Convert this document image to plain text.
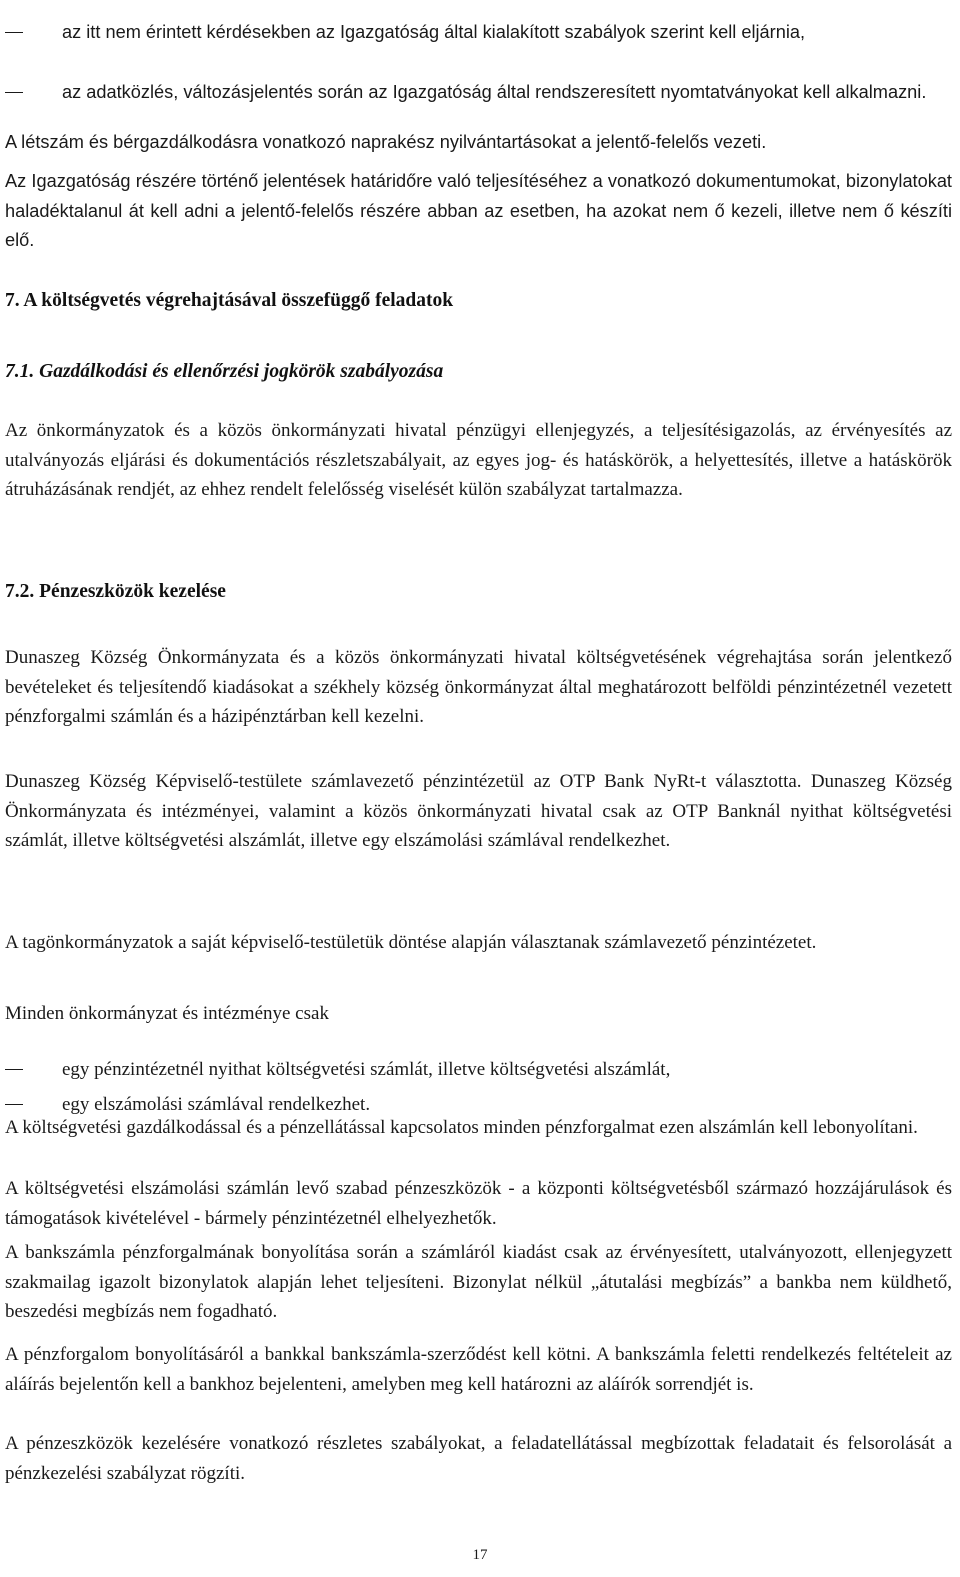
az itt nem érintett kérdésekben az Igazgatóság által kialakított szabályok szerint kell eljárnia,

az adatközlés, változásjelentés során az Igazgatóság által rendszeresített nyomtatványokat kell alkalmazni.

A létszám és bérgazdálkodásra vonatkozó naprakész nyilvántartásokat a jelentő-felelős vezeti.

Az Igazgatóság részére történő jelentések határidőre való teljesítéséhez a vonatkozó dokumentumokat, bizonylatokat haladéktalanul át kell adni a jelentő-felelős részére abban az esetben, ha azokat nem ő kezeli, illetve nem ő készíti elő.

7. A költségvetés végrehajtásával összefüggő feladatok
7.1. Gazdálkodási és ellenőrzési jogkörök szabályozása

Az önkormányzatok és a közös önkormányzati hivatal pénzügyi ellenjegyzés, a teljesítésigazolás, az érvényesítés az utalványozás eljárási és dokumentációs részletszabályait, az egyes jog- és hatáskörök, a helyettesítés, illetve a hatáskörök átruházásának rendjét, az ehhez rendelt felelősség viselését külön szabályzat tartalmazza.

7.2. Pénzeszközök kezelése

Dunaszeg Község Önkormányzata és a közös önkormányzati hivatal költségvetésének végrehajtása során jelentkező bevételeket és teljesítendő kiadásokat a székhely község önkormányzat által meghatározott belföldi pénzintézetnél vezetett pénzforgalmi számlán és a házipénztárban kell kezelni.

Dunaszeg Község Képviselő-testülete számlavezető pénzintézetül az OTP Bank NyRt-t választotta. Dunaszeg Község Önkormányzata és intézményei, valamint a közös önkormányzati hivatal csak az OTP Banknál nyithat költségvetési számlát, illetve költségvetési alszámlát, illetve egy elszámolási számlával rendelkezhet.

A tagönkormányzatok a saját képviselő-testületük döntése alapján választanak számlavezető pénzintézetet.

Minden önkormányzat és intézménye csak

egy pénzintézetnél nyithat költségvetési számlát, illetve költségvetési alszámlát,

egy elszámolási számlával rendelkezhet.

A költségvetési gazdálkodással és a pénzellátással kapcsolatos minden pénzforgalmat ezen alszámlán kell lebonyolítani.

A költségvetési elszámolási számlán levő szabad pénzeszközök - a központi költségvetésből származó hozzájárulások és támogatások kivételével - bármely pénzintézetnél elhelyezhetők.

A bankszámla pénzforgalmának bonyolítása során a számláról kiadást csak az érvényesített, utalványozott, ellenjegyzett szakmailag igazolt bizonylatok alapján lehet teljesíteni. Bizonylat nélkül „átutalási megbízás” a bankba nem küldhető, beszedési megbízás nem fogadható.

A pénzforgalom bonyolításáról a bankkal bankszámla-szerződést kell kötni. A bankszámla feletti rendelkezés feltételeit az aláírás bejelentőn kell a bankhoz bejelenteni, amelyben meg kell határozni az aláírók sorrendjét is.

A pénzeszközök kezelésére vonatkozó részletes szabályokat, a feladatellátással megbízottak feladatait és felsorolását a pénzkezelési szabályzat rögzíti.

17
